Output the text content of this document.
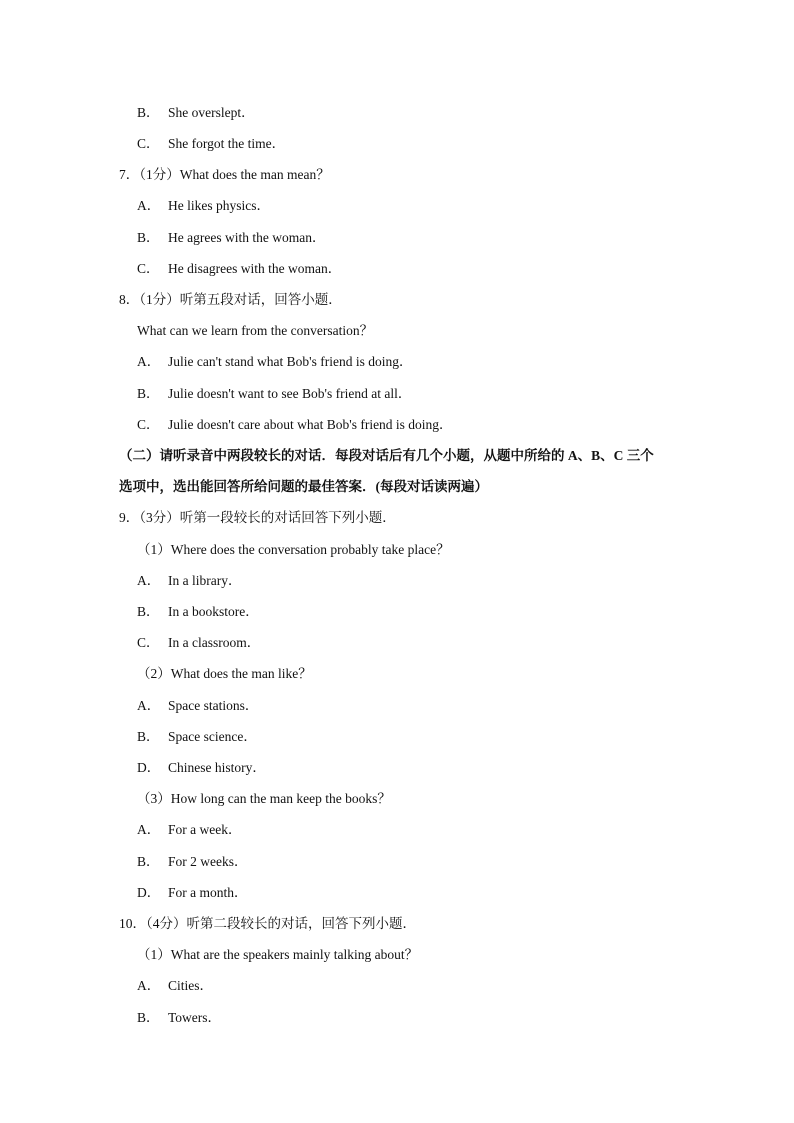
B． She overslept．
C． She forgot the time．
7．（1分）What does the man mean？
A． He likes physics．
B． He agrees with the woman．
C． He disagrees with the woman．
8．（1分）听第五段对话，回答小题．
What can we learn from the conversation？
A． Julie can't stand what Bob's friend is doing．
B． Julie doesn't want to see Bob's friend at all．
C． Julie doesn't care about what Bob's friend is doing．
（二）请听录音中两段较长的对话．每段对话后有几个小题，从题中所给的 A、B、C 三个
选项中，选出能回答所给问题的最佳答案．(每段对话读两遍）
9．（3分）听第一段较长的对话回答下列小题．
（1）Where does the conversation probably take place？
A． In a library．
B． In a bookstore．
C． In a classroom．
（2）What does the man like？
A． Space stations．
B． Space science．
D． Chinese history．
（3）How long can the man keep the books？
A． For a week．
B． For 2 weeks．
D． For a month．
10．（4分）听第二段较长的对话，回答下列小题．
（1）What are the speakers mainly talking about？
A． Cities．
B． Towers．
